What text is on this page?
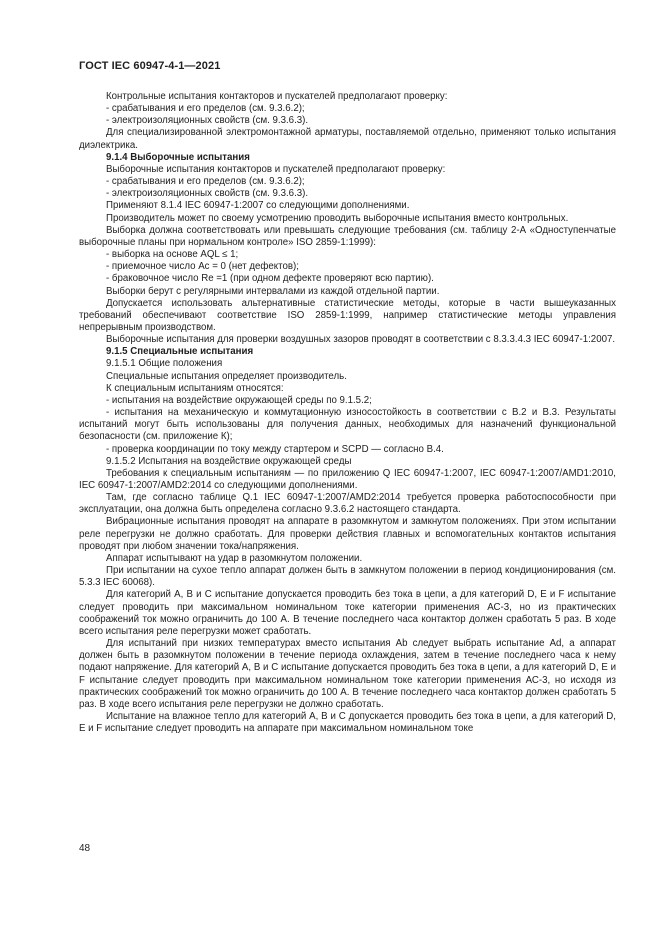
ГОСТ IEC 60947-4-1—2021

Контрольные испытания контакторов и пускателей предполагают проверку:

- срабатывания и его пределов (см. 9.3.6.2);

- электроизоляционных свойств (см. 9.3.6.3).

Для специализированной электромонтажной арматуры, поставляемой отдельно, применяют только испытания диэлектрика.

9.1.4 Выборочные испытания

Выборочные испытания контакторов и пускателей предполагают проверку:

- срабатывания и его пределов (см. 9.3.6.2);

- электроизоляционных свойств (см. 9.3.6.3).

Применяют 8.1.4 IEC 60947-1:2007 со следующими дополнениями.

Производитель может по своему усмотрению проводить выборочные испытания вместо контрольных.

Выборка должна соответствовать или превышать следующие требования (см. таблицу 2-А «Одноступенчатые выборочные планы при нормальном контроле» ISO 2859-1:1999):

- выборка на основе AQL ≤ 1;

- приемочное число Ac = 0 (нет дефектов);

- браковочное число Re =1 (при одном дефекте проверяют всю партию).

Выборки берут с регулярными интервалами из каждой отдельной партии.

Допускается использовать альтернативные статистические методы, которые в части вышеуказанных требований обеспечивают соответствие ISO 2859-1:1999, например статистические методы управления непрерывным производством.

Выборочные испытания для проверки воздушных зазоров проводят в соответствии с 8.3.3.4.3 IEC 60947-1:2007.

9.1.5 Специальные испытания

9.1.5.1 Общие положения

Специальные испытания определяет производитель.

К специальным испытаниям относятся:

- испытания на воздействие окружающей среды по 9.1.5.2;

- испытания на механическую и коммутационную износостойкость в соответствии с В.2 и В.3. Результаты испытаний могут быть использованы для получения данных, необходимых для назначений функциональной безопасности (см. приложение К);

- проверка координации по току между стартером и SCPD — согласно В.4.

9.1.5.2 Испытания на воздействие окружающей среды

Требования к специальным испытаниям — по приложению Q IEC 60947-1:2007, IEC 60947-1:2007/AMD1:2010, IEC 60947-1:2007/AMD2:2014 со следующими дополнениями.

Там, где согласно таблице Q.1 IEC 60947-1:2007/AMD2:2014 требуется проверка работоспособности при эксплуатации, она должна быть определена согласно 9.3.6.2 настоящего стандарта.

Вибрационные испытания проводят на аппарате в разомкнутом и замкнутом положениях. При этом испытании реле перегрузки не должно сработать. Для проверки действия главных и вспомогательных контактов испытания проводят при любом значении тока/напряжения.

Аппарат испытывают на удар в разомкнутом положении.

При испытании на сухое тепло аппарат должен быть в замкнутом положении в период кондиционирования (см. 5.3.3 IEC 60068).

Для категорий А, В и С испытание допускается проводить без тока в цепи, а для категорий D, E и F испытание следует проводить при максимальном номинальном токе категории применения АС-3, но из практических соображений ток можно ограничить до 100 А. В течение последнего часа контактор должен сработать 5 раз. В ходе всего испытания реле перегрузки может сработать.

Для испытаний при низких температурах вместо испытания Ab следует выбрать испытание Ad, а аппарат должен быть в разомкнутом положении в течение периода охлаждения, затем в течение последнего часа к нему подают напряжение. Для категорий А, В и С испытание допускается проводить без тока в цепи, а для категорий D, E и F испытание следует проводить при максимальном номинальном токе категории применения АС-3, но исходя из практических соображений ток можно ограничить до 100 А. В течение последнего часа контактор должен сработать 5 раз. В ходе всего испытания реле перегрузки не должно сработать.

Испытание на влажное тепло для категорий А, В и С допускается проводить без тока в цепи, а для категорий D, E и F испытание следует проводить на аппарате при максимальном номинальном токе

48
